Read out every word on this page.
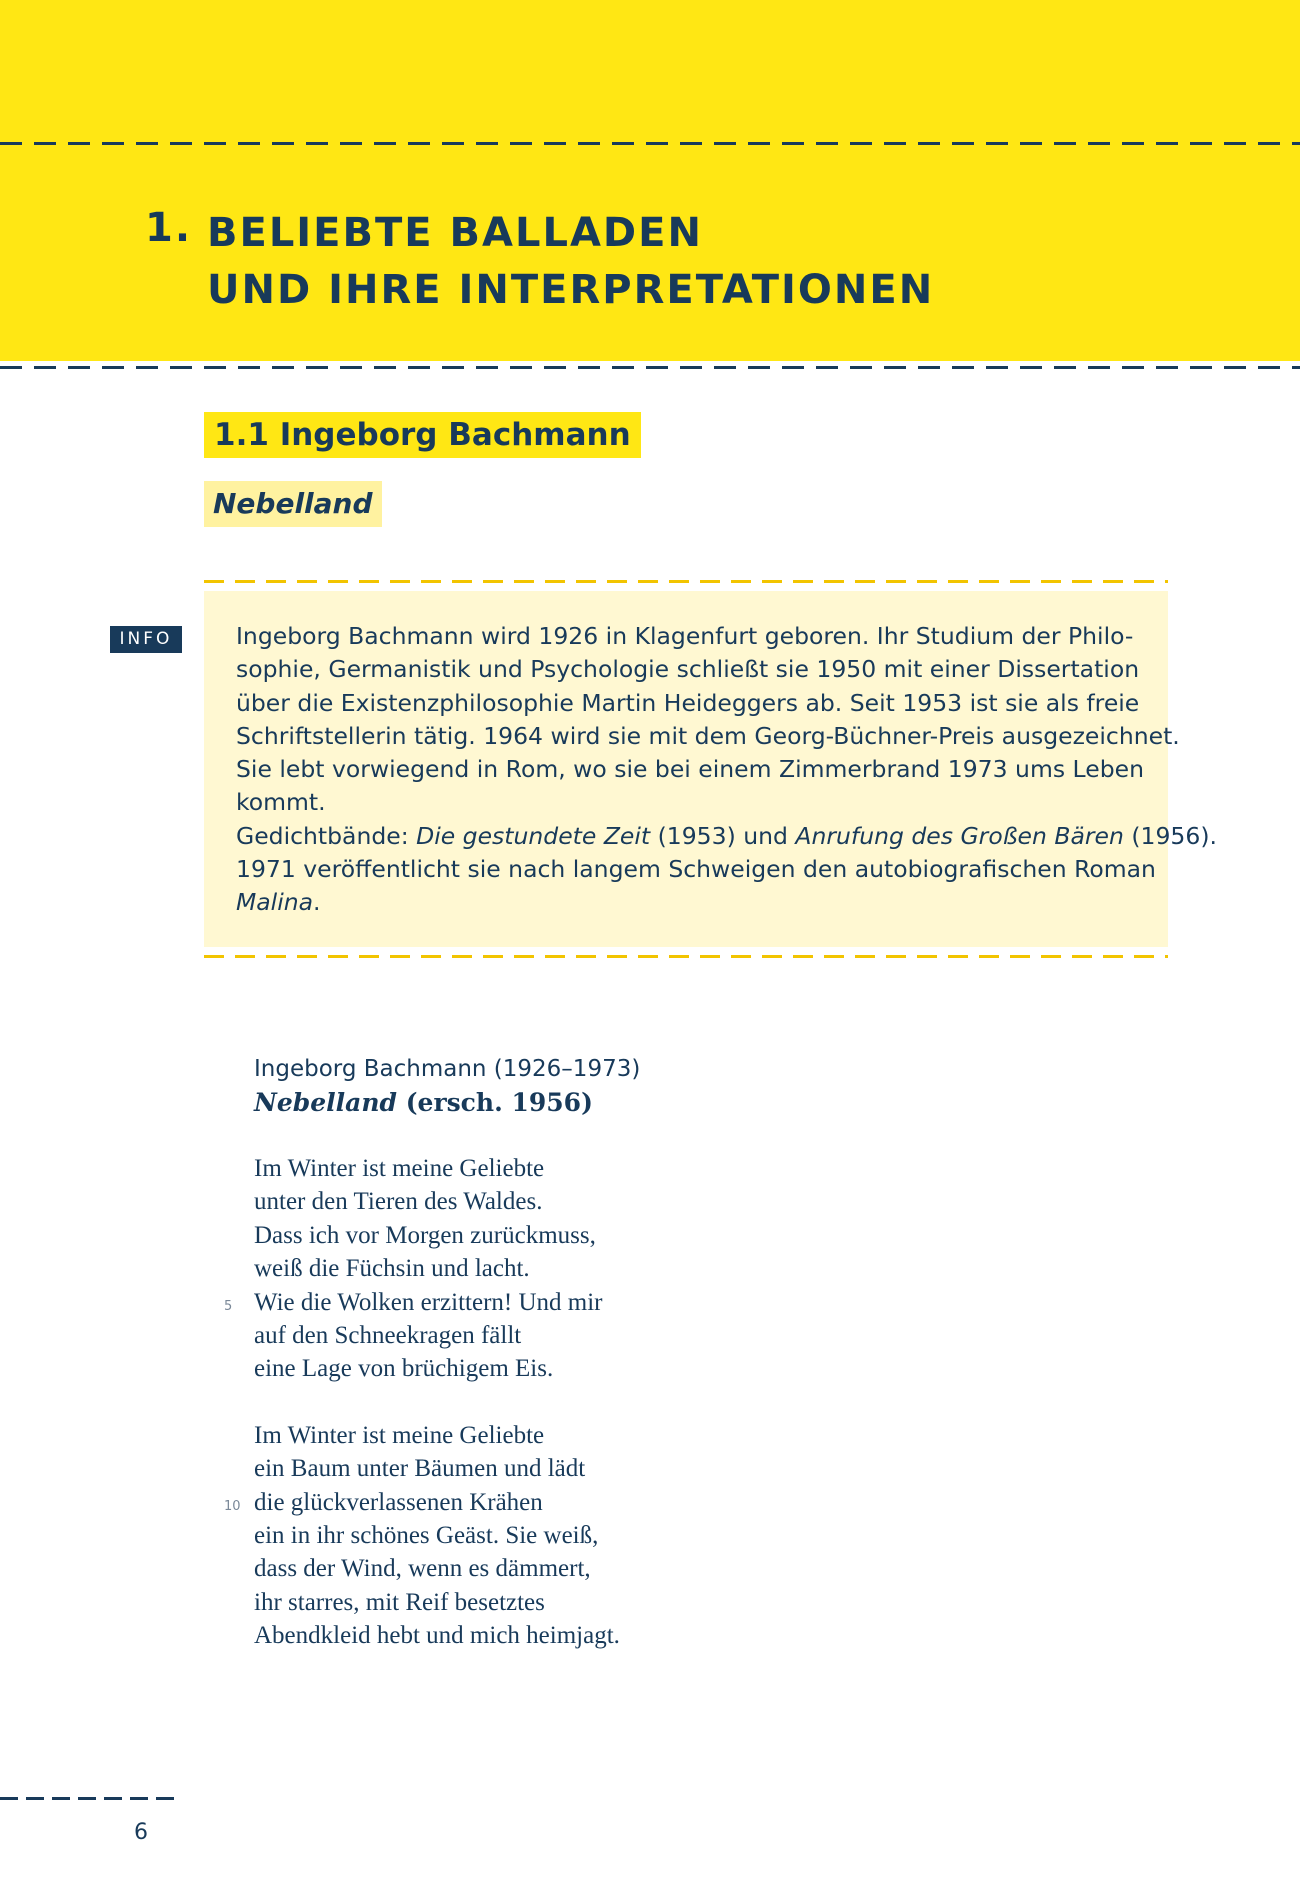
1. BELIEBTE BALLADEN
UND IHRE INTERPRETATIONEN
1.1 Ingeborg Bachmann
Nebelland
INFO	Ingeborg Bachmann wird 1926 in Klagenfurt geboren. Ihr Studium der Philo-
sophie, Germanistik und Psychologie schließt sie 1950 mit einer Dissertation
über die Existenzphilosophie Martin Heideggers ab. Seit 1953 ist sie als freie
Schriftstellerin tätig. 1964 wird sie mit dem Georg-Büchner-Preis ausgezeichnet.
Sie lebt vorwiegend in Rom, wo sie bei einem Zimmerbrand 1973 ums Leben
kommt.
Gedichtbände: Die gestundete Zeit (1953) und Anrufung des Großen Bären (1956).
1971 veröffentlicht sie nach langem Schweigen den autobiografischen Roman
Malina.
Ingeborg Bachmann (1926–1973)
Nebelland (ersch. 1956)
Im Winter ist meine Geliebte
unter den Tieren des Waldes.
Dass ich vor Morgen zurückmuss,
weiß die Füchsin und lacht.
5 Wie die Wolken erzittern! Und mir
auf den Schneekragen fällt
eine Lage von brüchigem Eis.
Im Winter ist meine Geliebte
ein Baum unter Bäumen und lädt
10 die glückverlassenen Krähen
ein in ihr schönes Geäst. Sie weiß,
dass der Wind, wenn es dämmert,
ihr starres, mit Reif besetztes
Abendkleid hebt und mich heimjagt.
6
